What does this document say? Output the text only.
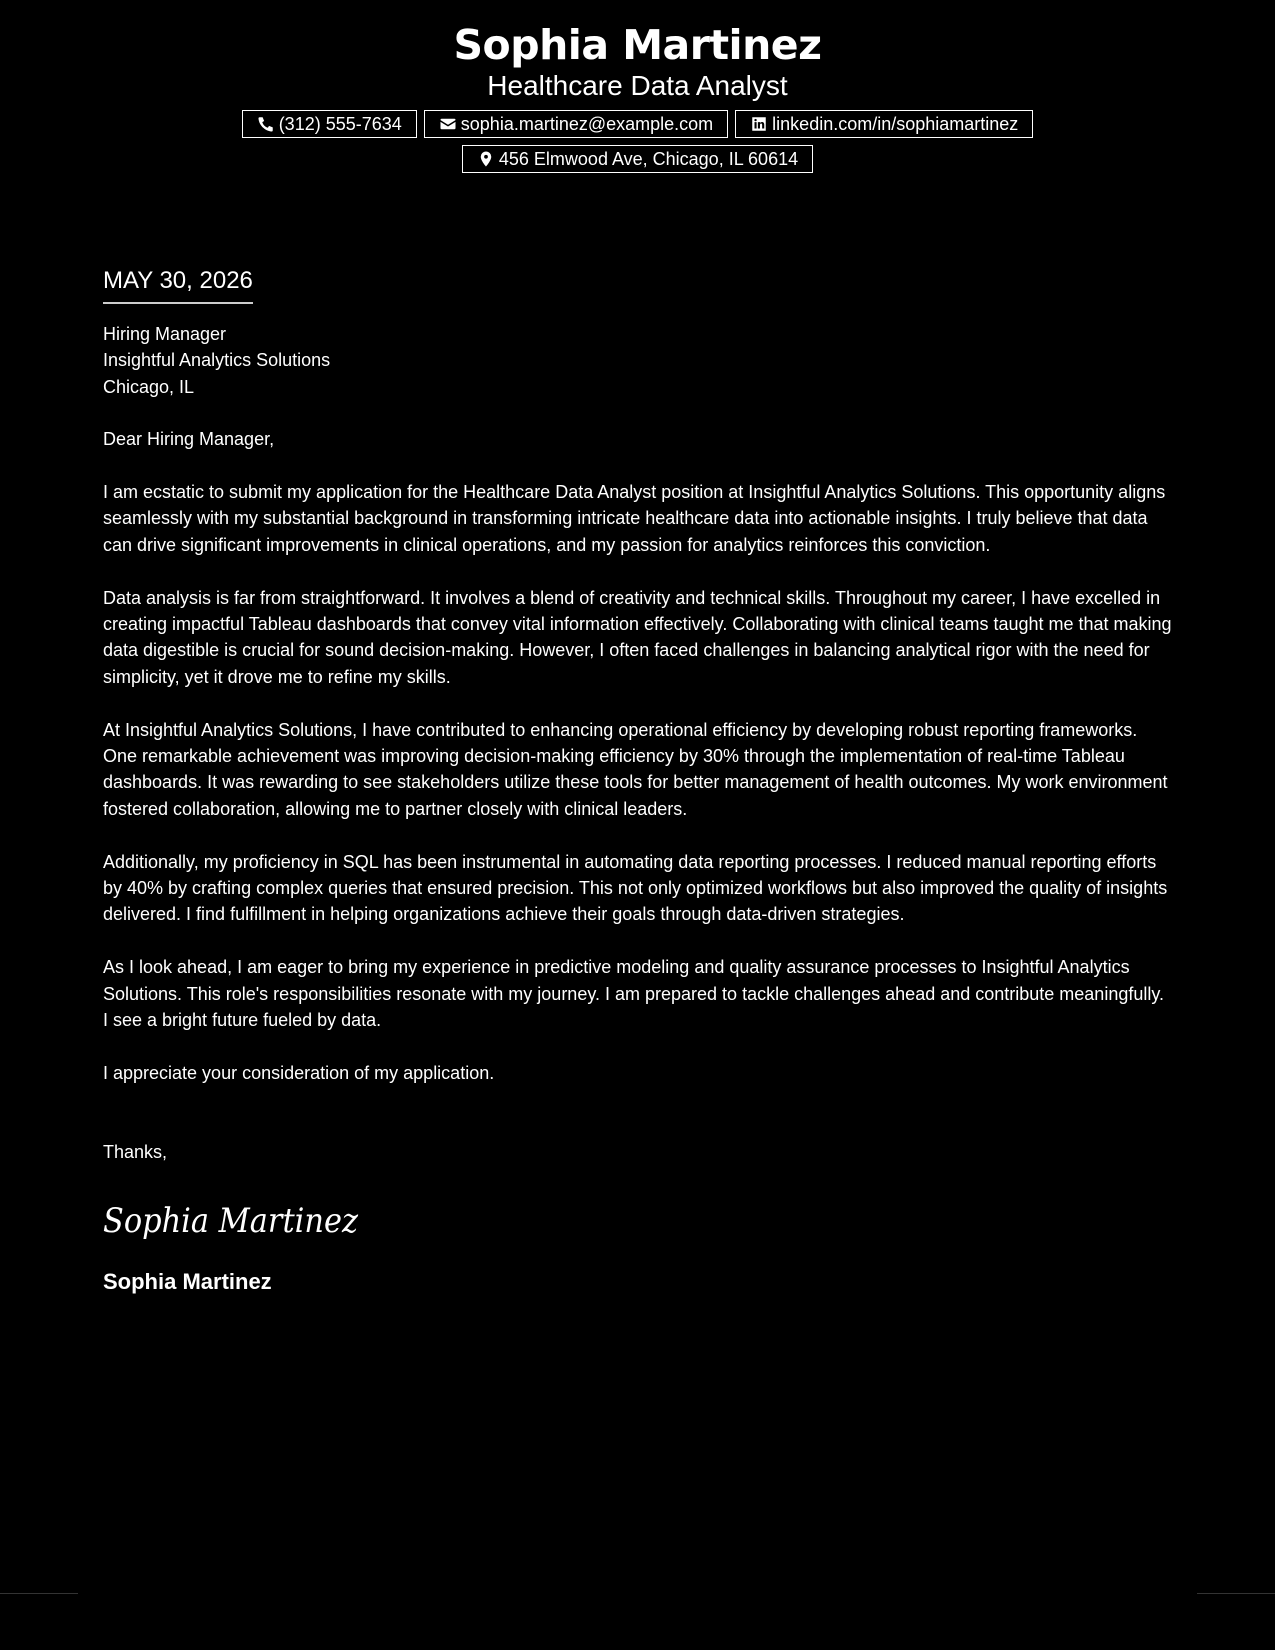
Sophia Martinez
Healthcare Data Analyst
(312) 555-7634	sophia.martinez@example.com	linkedin.com/in/sophiamartinez
456 Elmwood Ave, Chicago, IL 60614
MAY 30, 2026
Hiring Manager
Insightful Analytics Solutions
Chicago, IL
Dear Hiring Manager,
I am ecstatic to submit my application for the Healthcare Data Analyst position at Insightful Analytics Solutions. This opportunity aligns seamlessly with my substantial background in transforming intricate healthcare data into actionable insights. I truly believe that data can drive significant improvements in clinical operations, and my passion for analytics reinforces this conviction.
Data analysis is far from straightforward. It involves a blend of creativity and technical skills. Throughout my career, I have excelled in creating impactful Tableau dashboards that convey vital information effectively. Collaborating with clinical teams taught me that making data digestible is crucial for sound decision-making. However, I often faced challenges in balancing analytical rigor with the need for simplicity, yet it drove me to refine my skills.
At Insightful Analytics Solutions, I have contributed to enhancing operational efficiency by developing robust reporting frameworks. One remarkable achievement was improving decision-making efficiency by 30% through the implementation of real-time Tableau dashboards. It was rewarding to see stakeholders utilize these tools for better management of health outcomes. My work environment fostered collaboration, allowing me to partner closely with clinical leaders.
Additionally, my proficiency in SQL has been instrumental in automating data reporting processes. I reduced manual reporting efforts by 40% by crafting complex queries that ensured precision. This not only optimized workflows but also improved the quality of insights delivered. I find fulfillment in helping organizations achieve their goals through data-driven strategies.
As I look ahead, I am eager to bring my experience in predictive modeling and quality assurance processes to Insightful Analytics Solutions. This role's responsibilities resonate with my journey. I am prepared to tackle challenges ahead and contribute meaningfully. I see a bright future fueled by data.
I appreciate your consideration of my application.
Thanks,
Sophia Martinez
Sophia Martinez
